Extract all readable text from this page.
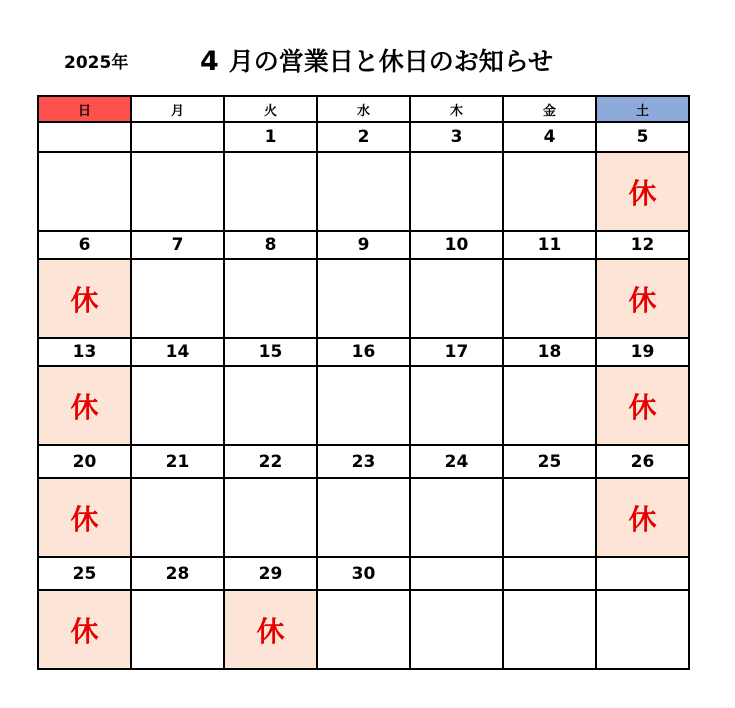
2025年	4 月の営業日と休日のお知らせ
日	月	火	水	木	金	土
		1	2	3	4	5
						休
6	7	8	9	10	11	12
休						休
13	14	15	16	17	18	19
休						休
20	21	22	23	24	25	26
休						休
25	28	29	30			
休		休				
